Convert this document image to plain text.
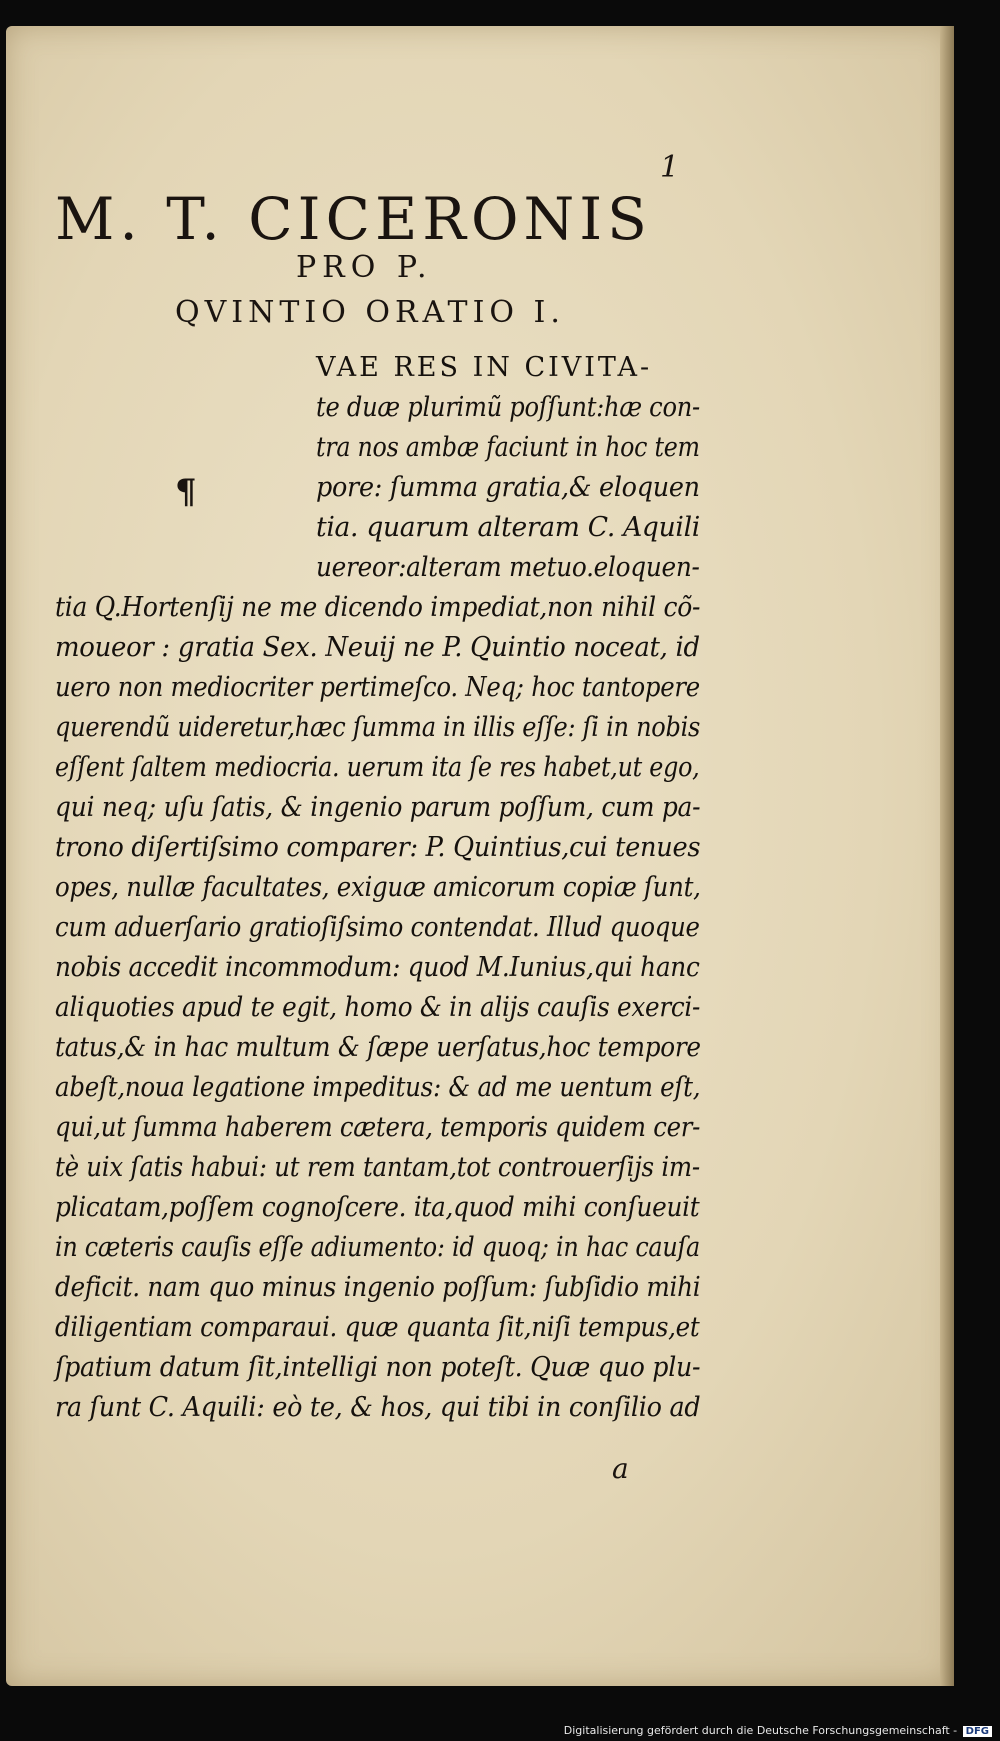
1
M. T. CICERONIS
PRO P.
QVINTIO ORATIO I.
¶
VAE RES IN CIVITA-
te duæ plurimũ poſſunt:hæ con-
tra nos ambæ faciunt in hoc tem
pore: ſumma gratia,& eloquen
tia. quarum alteram C. Aquili
uereor:alteram metuo.eloquen-
tia Q.Hortenſij ne me dicendo impediat,non nihil cõ-
moueor : gratia Sex. Neuij ne P. Quintio noceat, id
uero non mediocriter pertimeſco. Neq; hoc tantopere
querendũ uideretur,hæc ſumma in illis eſſe: ſi in nobis
eſſent ſaltem mediocria. uerum ita ſe res habet,ut ego,
qui neq; uſu ſatis, & ingenio parum poſſum, cum pa-
trono diſertiſsimo comparer: P. Quintius,cui tenues
opes, nullæ facultates, exiguæ amicorum copiæ ſunt,
cum aduerſario gratioſiſsimo contendat. Illud quoque
nobis accedit incommodum: quod M.Iunius,qui hanc
aliquoties apud te egit, homo & in alijs cauſis exerci-
tatus,& in hac multum & ſæpe uerſatus,hoc tempore
abeſt,noua legatione impeditus: & ad me uentum eſt,
qui,ut ſumma haberem cætera, temporis quidem cer-
tè uix ſatis habui: ut rem tantam,tot controuerſijs im-
plicatam,poſſem cognoſcere. ita,quod mihi conſueuit
in cæteris cauſis eſſe adiumento: id quoq; in hac cauſa
deficit. nam quo minus ingenio poſſum: ſubſidio mihi
diligentiam comparaui. quæ quanta ſit,niſi tempus,et
ſpatium datum ſit,intelligi non poteſt. Quæ quo plu-
ra ſunt C. Aquili: eò te, & hos, qui tibi in conſilio ad
a
Digitalisierung gefördert durch die Deutsche Forschungsgemeinschaft - DFG
